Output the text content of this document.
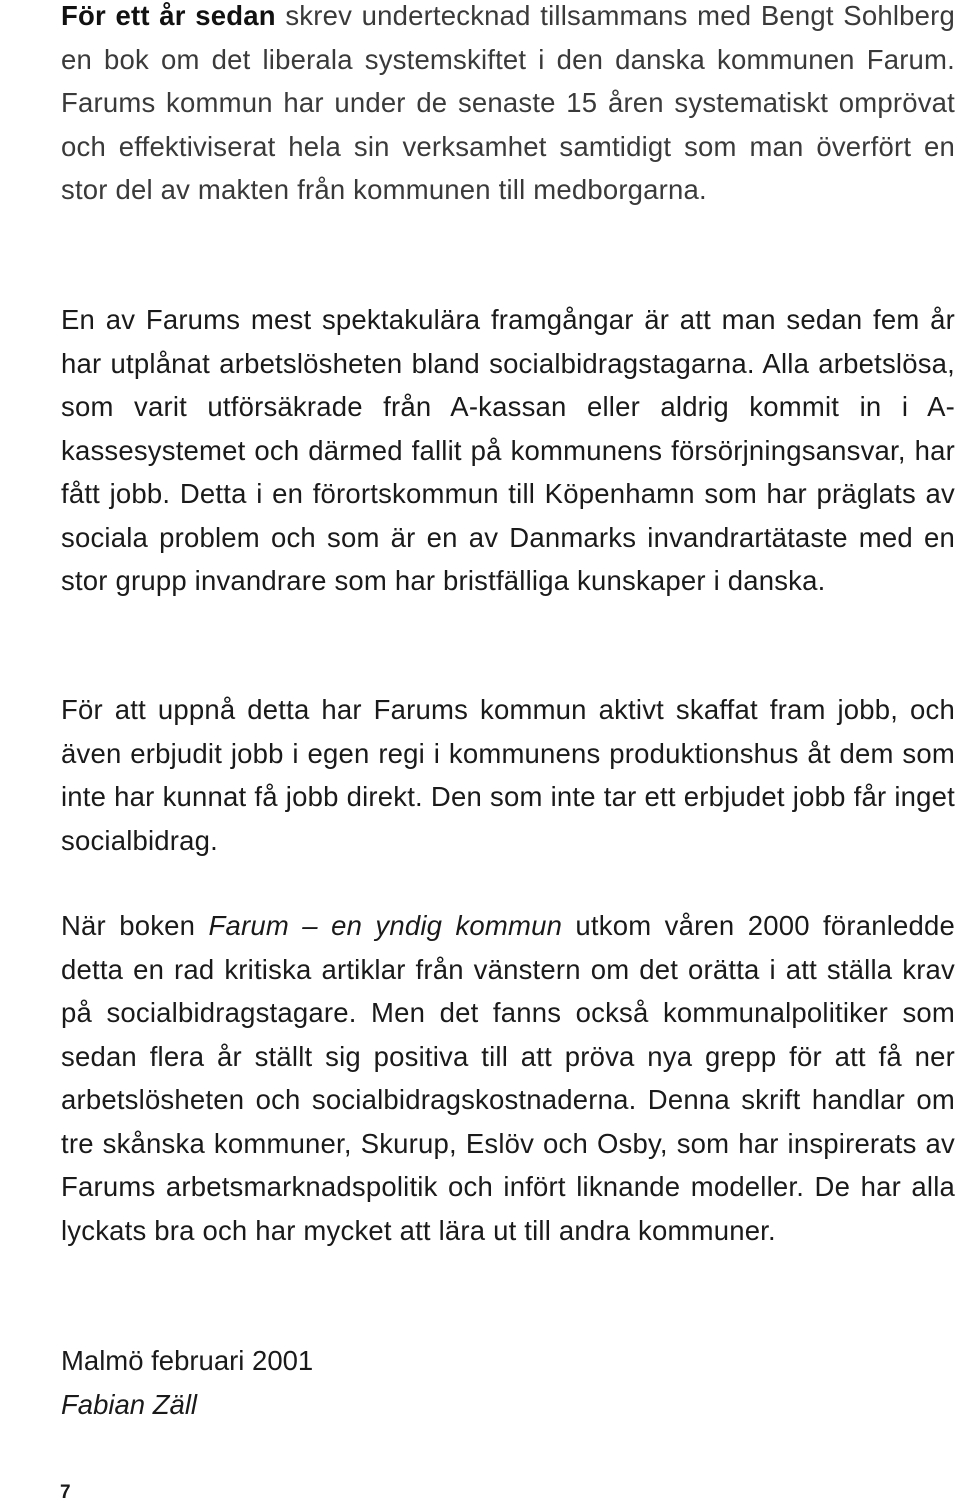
För ett år sedan skrev undertecknad tillsammans med Bengt Sohlberg en bok om det liberala systemskiftet i den danska kommunen Farum. Farums kommun har under de senaste 15 åren systematiskt omprövat och effektiviserat hela sin verksamhet samtidigt som man överfört en stor del av makten från kommunen till medborgarna.

En av Farums mest spektakulära framgångar är att man sedan fem år har utplånat arbetslösheten bland socialbidragstagarna. Alla arbetslösa, som varit utförsäkrade från A-kassan eller aldrig kommit in i A-kassesystemet och därmed fallit på kommunens försörjningsansvar, har fått jobb. Detta i en förortskommun till Köpenhamn som har präglats av sociala problem och som är en av Danmarks invandrartätaste med en stor grupp invandrare som har bristfälliga kunskaper i danska.

För att uppnå detta har Farums kommun aktivt skaffat fram jobb, och även erbjudit jobb i egen regi i kommunens produktionshus åt dem som inte har kunnat få jobb direkt. Den som inte tar ett erbjudet jobb får inget socialbidrag.

När boken Farum – en yndig kommun utkom våren 2000 föranledde detta en rad kritiska artiklar från vänstern om det orätta i att ställa krav på socialbidragstagare. Men det fanns också kommunalpolitiker som sedan flera år ställt sig positiva till att pröva nya grepp för att få ner arbetslösheten och socialbidragskostnaderna. Denna skrift handlar om tre skånska kommuner, Skurup, Eslöv och Osby, som har inspirerats av Farums arbetsmarknadspolitik och infört liknande modeller. De har alla lyckats bra och har mycket att lära ut till andra kommuner.

Malmö februari 2001

Fabian Zäll

7
